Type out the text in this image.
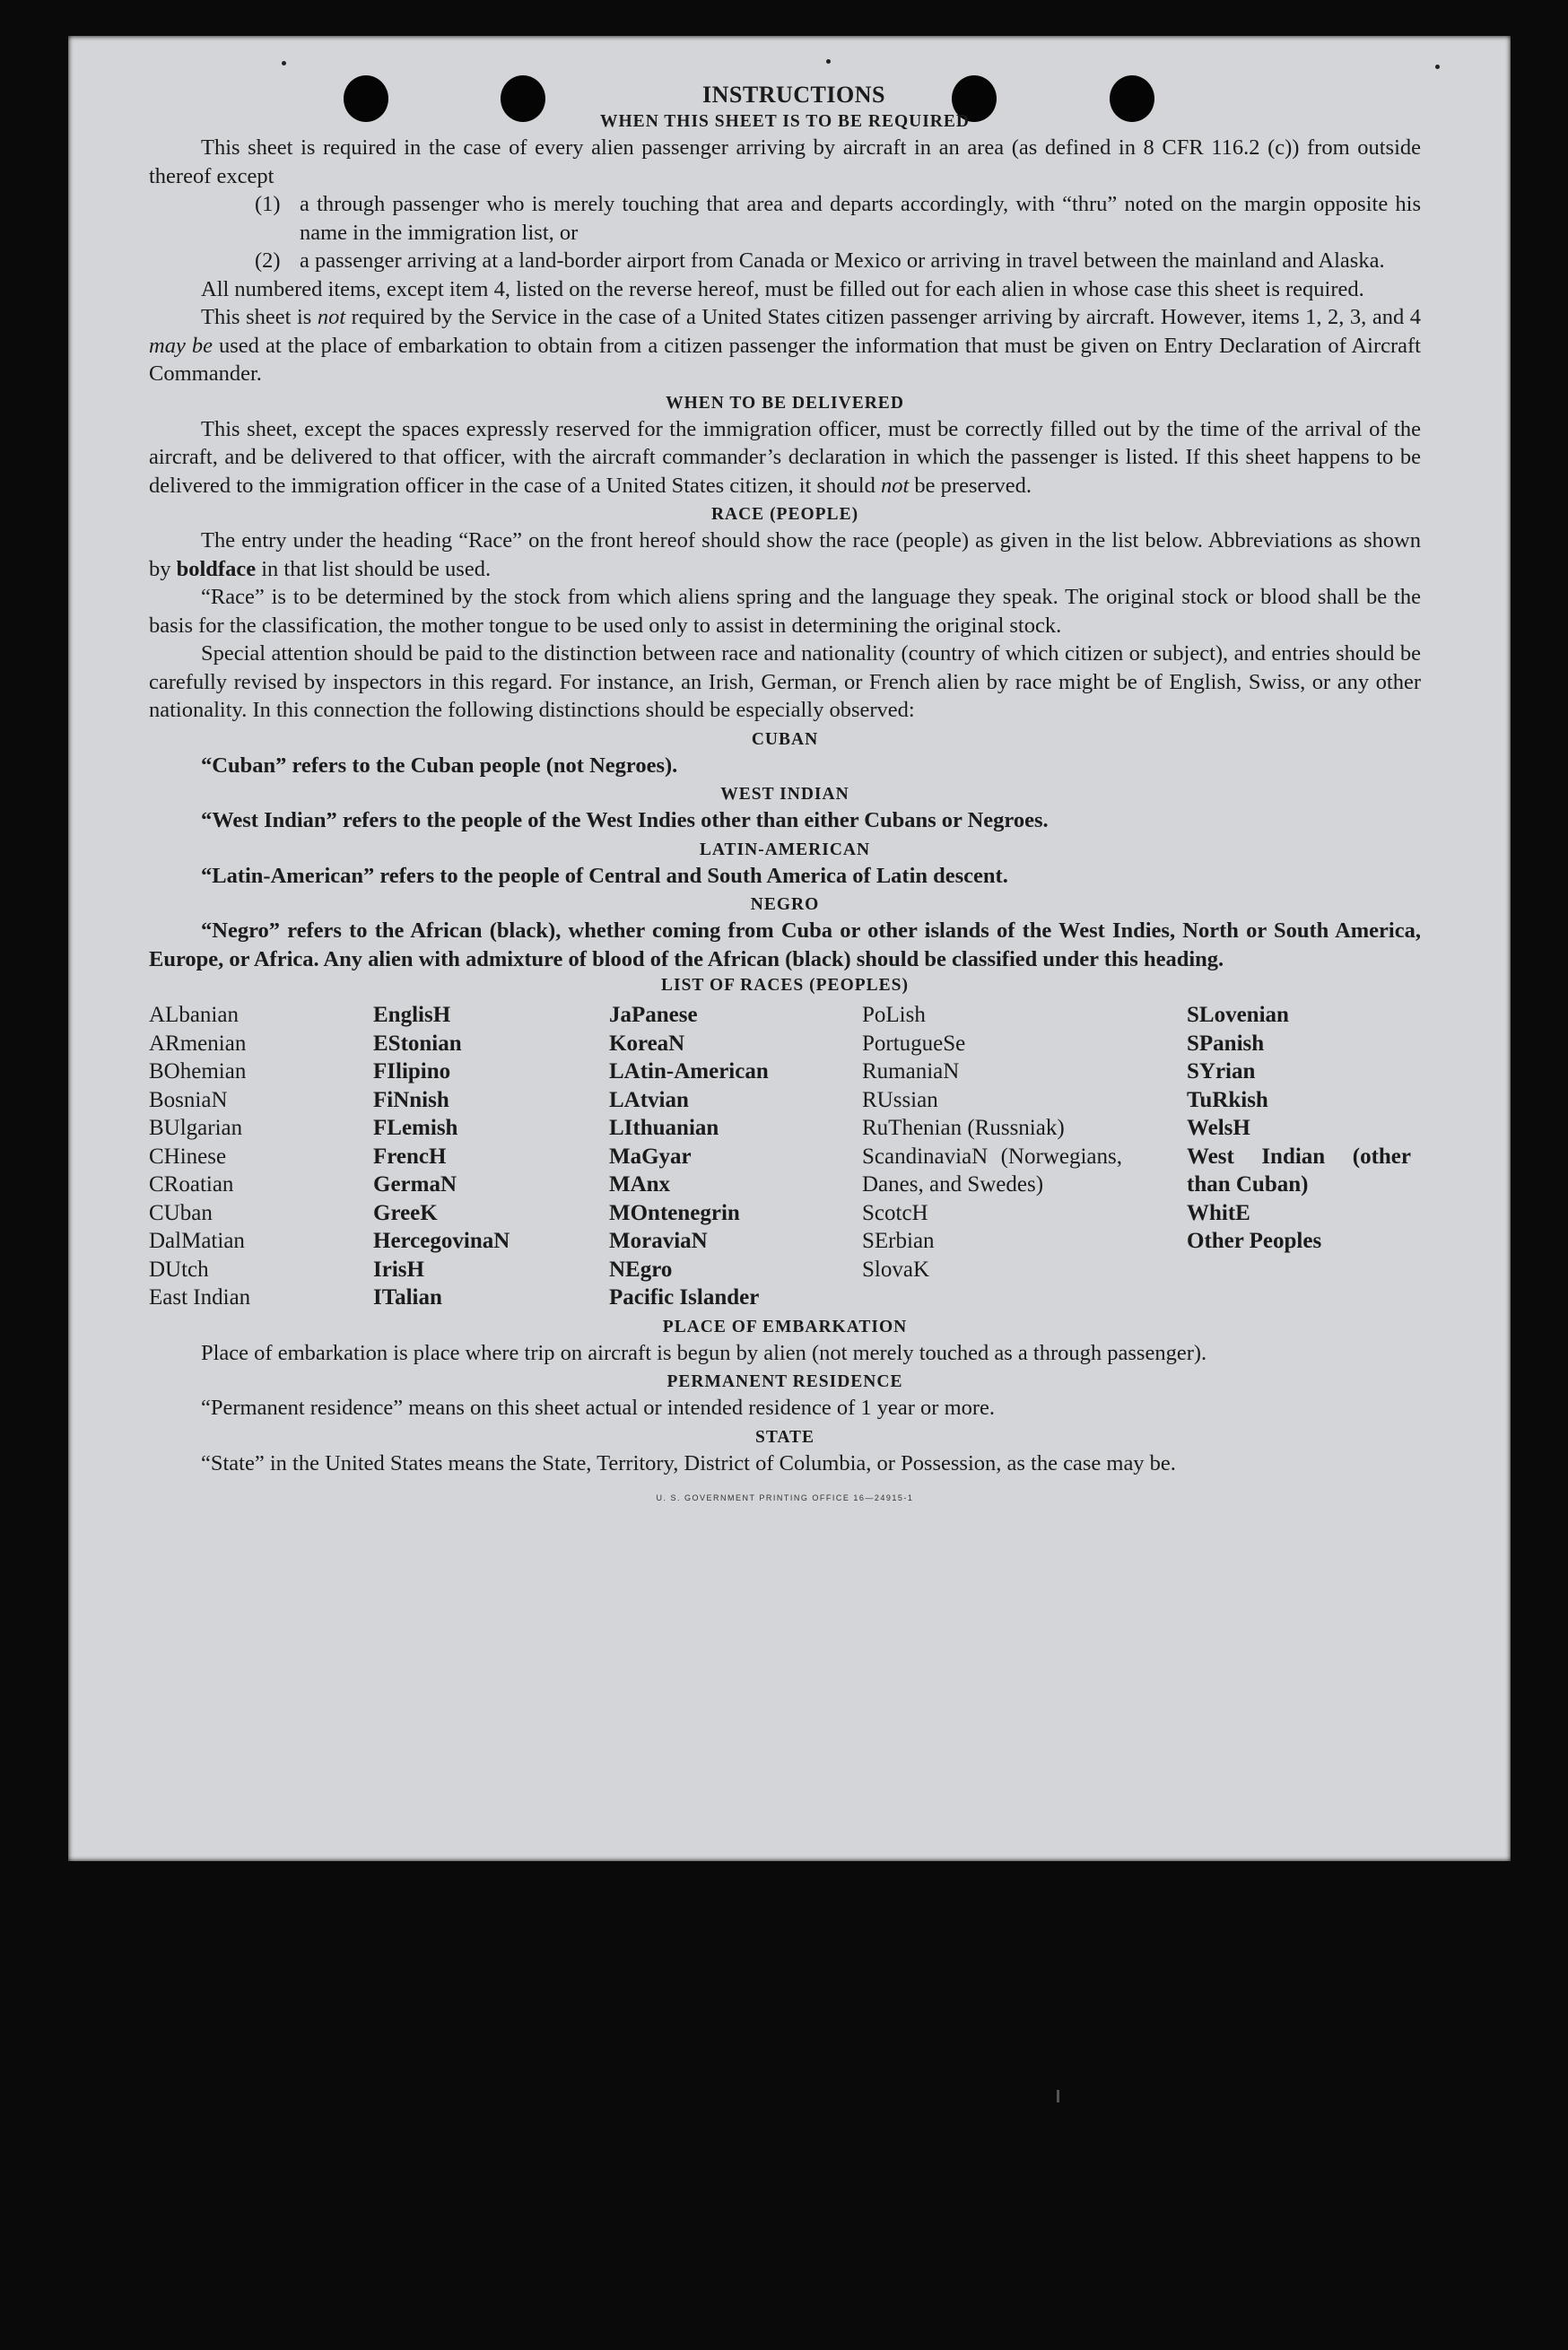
INSTRUCTIONS
WHEN THIS SHEET IS TO BE REQUIRED

This sheet is required in the case of every alien passenger arriving by aircraft in an area (as defined in 8 CFR 116.2 (c)) from outside thereof except

(1) a through passenger who is merely touching that area and departs accordingly, with “thru” noted on the margin opposite his name in the immigration list, or
(2) a passenger arriving at a land-border airport from Canada or Mexico or arriving in travel between the mainland and Alaska.

All numbered items, except item 4, listed on the reverse hereof, must be filled out for each alien in whose case this sheet is required.

This sheet is not required by the Service in the case of a United States citizen passenger arriving by aircraft. However, items 1, 2, 3, and 4 may be used at the place of embarkation to obtain from a citizen passenger the information that must be given on Entry Declaration of Aircraft Commander.

WHEN TO BE DELIVERED

This sheet, except the spaces expressly reserved for the immigration officer, must be correctly filled out by the time of the arrival of the aircraft, and be delivered to that officer, with the aircraft commander’s declaration in which the passenger is listed. If this sheet happens to be delivered to the immigration officer in the case of a United States citizen, it should not be preserved.

RACE (PEOPLE)

The entry under the heading “Race” on the front hereof should show the race (people) as given in the list below. Abbreviations as shown by boldface in that list should be used.

“Race” is to be determined by the stock from which aliens spring and the language they speak. The original stock or blood shall be the basis for the classification, the mother tongue to be used only to assist in determining the original stock.

Special attention should be paid to the distinction between race and nationality (country of which citizen or subject), and entries should be carefully revised by inspectors in this regard. For instance, an Irish, German, or French alien by race might be of English, Swiss, or any other nationality. In this connection the following distinctions should be especially observed:

CUBAN

“Cuban” refers to the Cuban people (not Negroes).

WEST INDIAN

“West Indian” refers to the people of the West Indies other than either Cubans or Negroes.

LATIN-AMERICAN

“Latin-American” refers to the people of Central and South America of Latin descent.

NEGRO

“Negro” refers to the African (black), whether coming from Cuba or other islands of the West Indies, North or South America, Europe, or Africa. Any alien with admixture of blood of the African (black) should be classified under this heading.

LIST OF RACES (PEOPLES)
ALbanian
ARmenian
BOhemian
BosniaN
BUlgarian
CHinese
CRoatian
CUban
DalMatian
DUtch
East Indian
EnglisH
EStonian
FIlipino
FiNnish
FLemish
FrencH
GermaN
GreeK
HercegovinaN
IrisH
ITalian
JaPanese
KoreaN
LAtin-American
LAtvian
LIthuanian
MaGyar
MAnx
MOntenegrin
MoraviaN
NEgro
Pacific Islander
PoLish
PortugueSe
RumaniaN
RUssian
RuThenian (Russniak)
ScandinaviaN (Norwegians, Danes, and Swedes)
ScotcH
SErbian
SlovaK
SLovenian
SPanish
SYrian
TuRkish
WelsH
West Indian (other than Cuban)
WhitE
Other Peoples
PLACE OF EMBARKATION

Place of embarkation is place where trip on aircraft is begun by alien (not merely touched as a through passenger).

PERMANENT RESIDENCE

“Permanent residence” means on this sheet actual or intended residence of 1 year or more.

STATE

“State” in the United States means the State, Territory, District of Columbia, or Possession, as the case may be.

U. S. GOVERNMENT PRINTING OFFICE 16—24915-1
